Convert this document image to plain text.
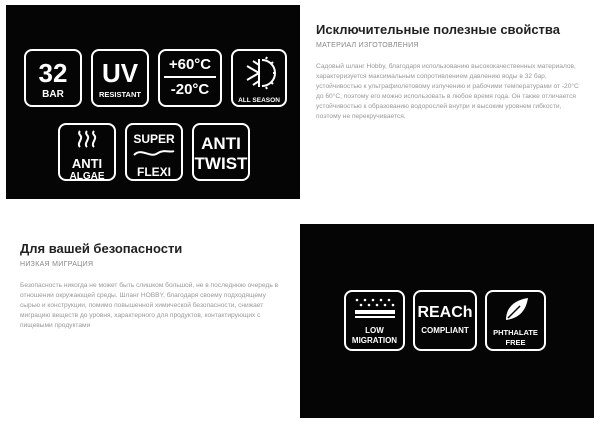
32
BAR
UV
RESISTANT
+60°C
-20°C
ALL SEASON
ANTI
ALGAE
SUPER
FLEXI
ANTI
TWIST
Исключительные полезные свойства

МАТЕРИАЛ ИЗГОТОВЛЕНИЯ

Садовый шланг Hobby, благодаря использованию высококачественных материалов, характеризуется максимальным сопротивлением давлению воды в 32 бар, устойчивостью к ультрафиолетовому излучению и рабочими температурами от -20°C до 60°C, поэтому его можно использовать в любое время года. Он также отличается устойчивостью к образованию водорослей внутри и высоким уровнем гибкости, поэтому не перекручивается.

Для вашей безопасности

НИЗКАЯ МИГРАЦИЯ

Безопасность никогда не может быть слишком большой, не в последнюю очередь в отношении окружающей среды. Шланг HOBBY, благодаря своему подходящему сырью и конструкции, помимо повышенной химической безопасности, снижает миграцию веществ до уровня, характерного для продуктов, контактирующих с пищевыми продуктами

LOW
MIGRATION
REACh
COMPLIANT	PHTHALATE
FREE
